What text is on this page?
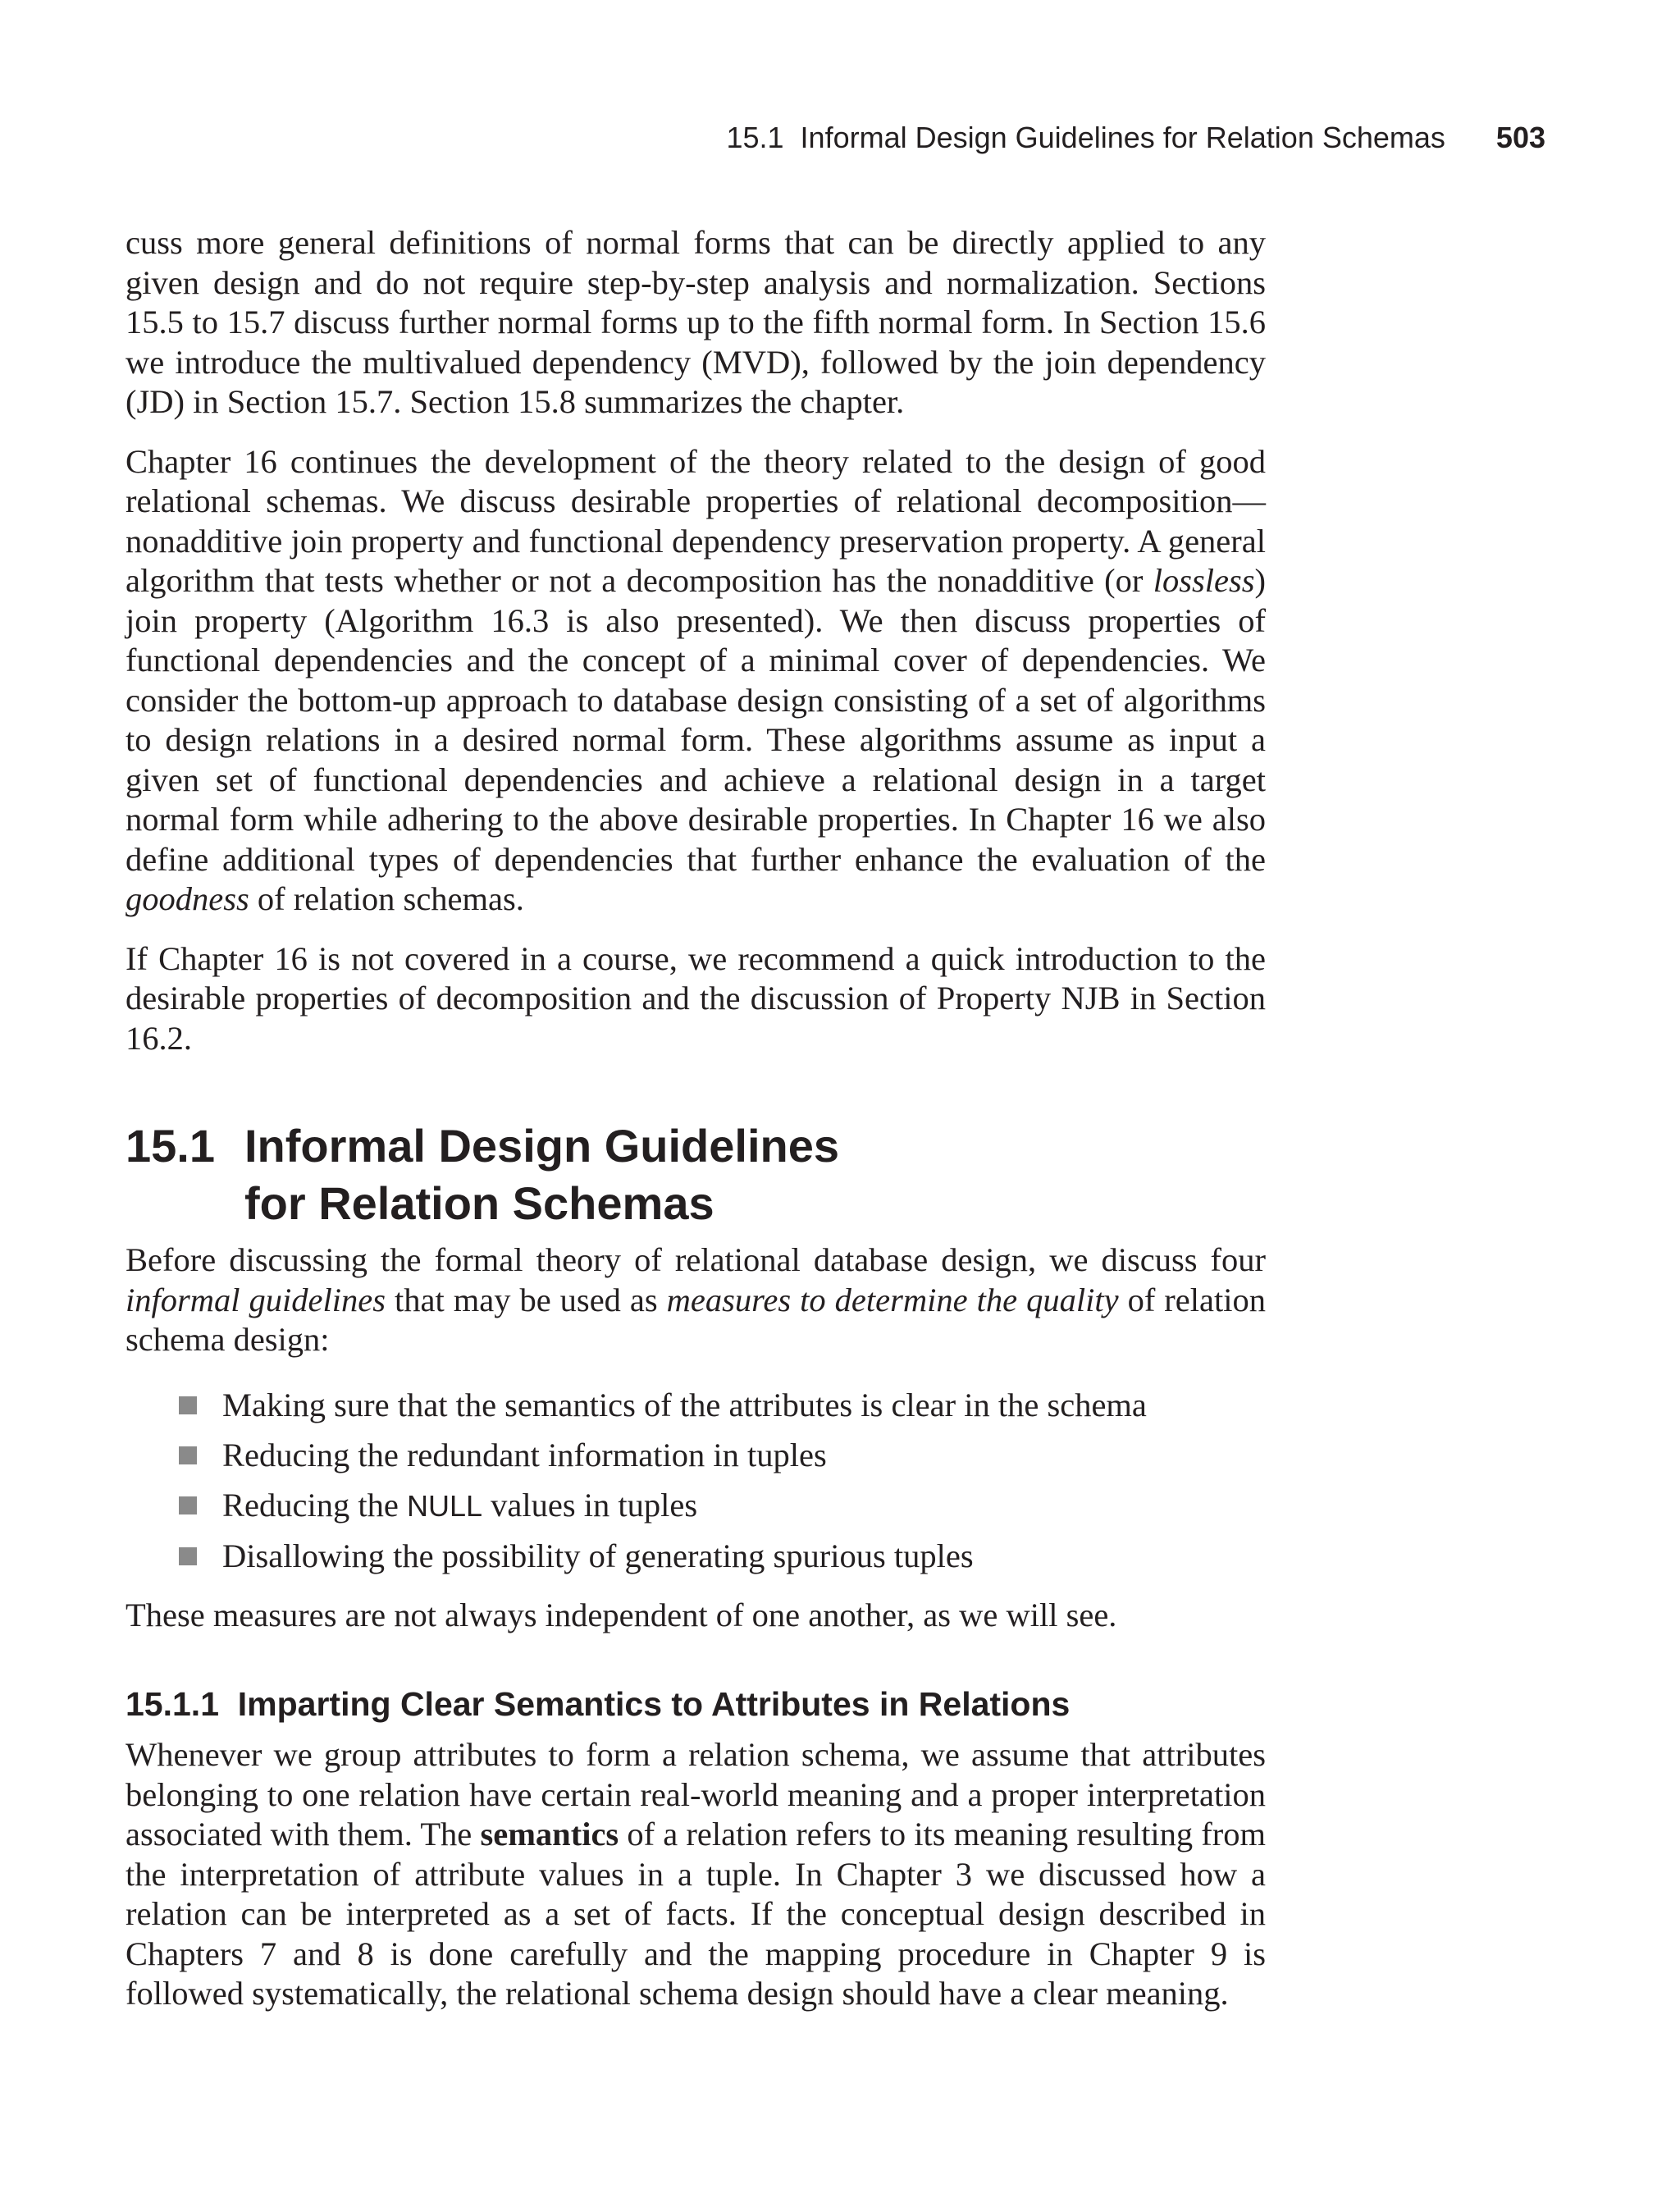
15.1  Informal Design Guidelines for Relation Schemas 503

cuss more general definitions of normal forms that can be directly applied to any given design and do not require step-by-step analysis and normalization. Sections 15.5 to 15.7 discuss further normal forms up to the fifth normal form. In Section 15.6 we introduce the multivalued dependency (MVD), followed by the join dependency (JD) in Section 15.7. Section 15.8 summarizes the chapter.

Chapter 16 continues the development of the theory related to the design of good relational schemas. We discuss desirable properties of relational decomposition—nonadditive join property and functional dependency preservation property. A general algorithm that tests whether or not a decomposition has the nonadditive (or lossless) join property (Algorithm 16.3 is also presented). We then discuss properties of functional dependencies and the concept of a minimal cover of dependencies. We consider the bottom-up approach to database design consisting of a set of algorithms to design relations in a desired normal form. These algorithms assume as input a given set of functional dependencies and achieve a relational design in a target normal form while adhering to the above desirable properties. In Chapter 16 we also define additional types of dependencies that further enhance the evaluation of the goodness of relation schemas.

If Chapter 16 is not covered in a course, we recommend a quick introduction to the desirable properties of decomposition and the discussion of Property NJB in Section 16.2.

15.1 Informal Design Guidelines
for Relation Schemas

Before discussing the formal theory of relational database design, we discuss four informal guidelines that may be used as measures to determine the quality of relation schema design:

Making sure that the semantics of the attributes is clear in the schema
Reducing the redundant information in tuples
Reducing the NULL values in tuples
Disallowing the possibility of generating spurious tuples

These measures are not always independent of one another, as we will see.

15.1.1  Imparting Clear Semantics to Attributes in Relations

Whenever we group attributes to form a relation schema, we assume that attributes belonging to one relation have certain real-world meaning and a proper interpretation associated with them. The semantics of a relation refers to its meaning resulting from the interpretation of attribute values in a tuple. In Chapter 3 we discussed how a relation can be interpreted as a set of facts. If the conceptual design described in Chapters 7 and 8 is done carefully and the mapping procedure in Chapter 9 is followed systematically, the relational schema design should have a clear meaning.
